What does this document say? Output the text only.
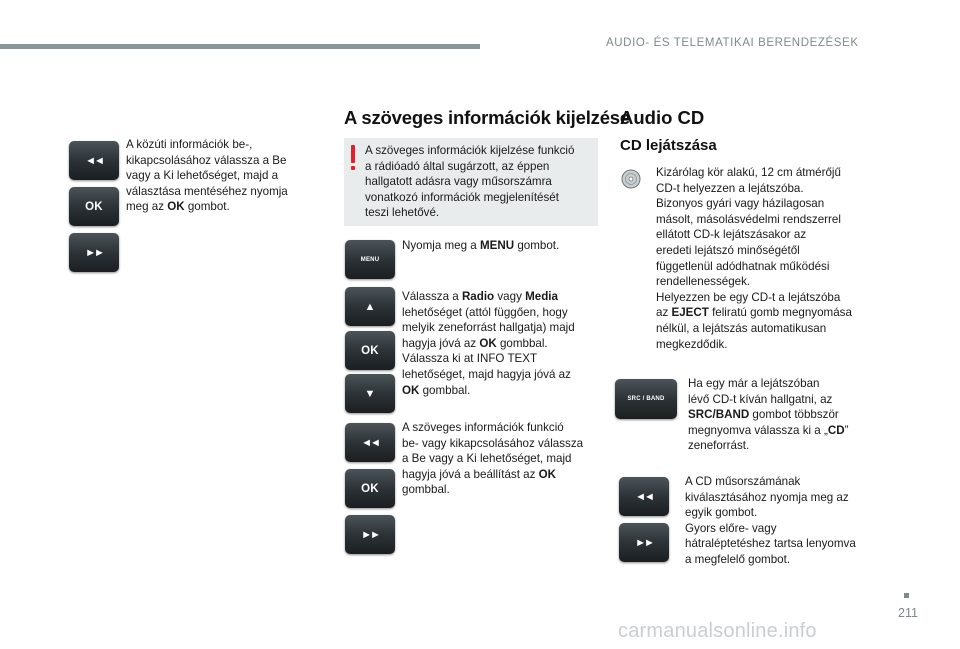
AUDIO- ÉS TELEMATIKAI BERENDEZÉSEK
◄◄
OK
►►
A közúti információk be-,
kikapcsolásához válassza a Be
vagy a Ki lehetőséget, majd a
választása mentéséhez nyomja
meg az OK gombot.
A szöveges információk kijelzése
A szöveges információk kijelzése funkció
a rádióadó által sugárzott, az éppen
hallgatott adásra vagy műsorszámra
vonatkozó információk megjelenítését
teszi lehetővé.
MENU
Nyomja meg a MENU gombot.
▲
OK
▼
Válassza a Radio vagy Media
lehetőséget (attól függően, hogy
melyik zeneforrást hallgatja) majd
hagyja jóvá az OK gombbal.
Válassza ki at INFO TEXT
lehetőséget, majd hagyja jóvá az
OK gombbal.
◄◄
OK
►►
A szöveges információk funkció
be- vagy kikapcsolásához válassza
a Be vagy a Ki lehetőséget, majd
hagyja jóvá a beállítást az OK
gombbal.
Audio CD
CD lejátszása
Kizárólag kör alakú, 12 cm átmérőjű
CD-t helyezzen a lejátszóba.
Bizonyos gyári vagy házilagosan
másolt, másolásvédelmi rendszerrel
ellátott CD-k lejátszásakor az
eredeti lejátszó minőségétől
függetlenül adódhatnak működési
rendellenességek.
Helyezzen be egy CD-t a lejátszóba
az EJECT feliratú gomb megnyomása
nélkül, a lejátszás automatikusan
megkezdődik.
SRC / BAND
Ha egy már a lejátszóban
lévő CD-t kíván hallgatni, az
SRC/BAND gombot többször
megnyomva válassza ki a „CD”
zeneforrást.
◄◄
►►
A CD műsorszámának
kiválasztásához nyomja meg az
egyik gombot.
Gyors előre- vagy
hátraléptetéshez tartsa lenyomva
a megfelelő gombot.
211
carmanualsonline.info
